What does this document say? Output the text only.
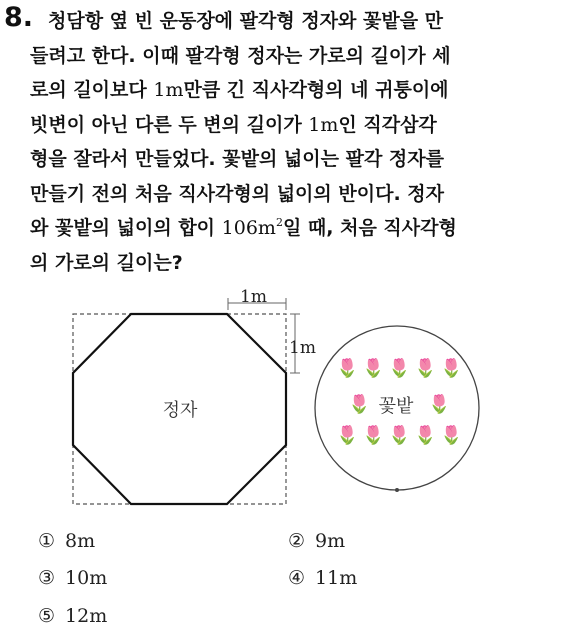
8. 청담항 옆 빈 운동장에 팔각형 정자와 꽃밭을 만
들려고 한다. 이때 팔각형 정자는 가로의 길이가 세
로의 길이보다 1m만큼 긴 직사각형의 네 귀퉁이에
빗변이 아닌 다른 두 변의 길이가 1m인 직각삼각
형을 잘라서 만들었다. 꽃밭의 넓이는 팔각 정자를
만들기 전의 처음 직사각형의 넓이의 반이다. 정자
와 꽃밭의 넓이의 합이 $106m^2$일 때, 처음 직사각형
의 가로의 길이는?
1m
1m
정자	꽃밭
🌷 🌷 🌷 🌷 🌷
🌷	🌷
🌷 🌷 🌷 🌷 🌷
① 8m	② 9m
③ 10m	④ 11m
⑤ 12m
